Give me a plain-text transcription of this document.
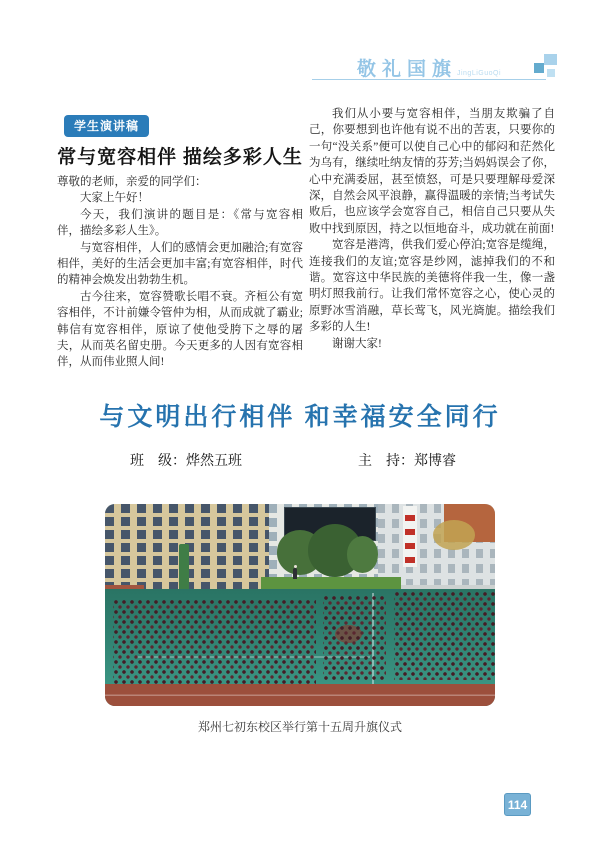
敬礼国旗JingLiGuoQi
学生演讲稿
常与宽容相伴 描绘多彩人生

尊敬的老师，亲爱的同学们：

大家上午好！

今天，我们演讲的题目是：《常与宽容相伴，描绘多彩人生》。

与宽容相伴，人们的感情会更加融洽;有宽容相伴，美好的生活会更加丰富;有宽容相伴，时代的精神会焕发出勃勃生机。

古今往来，宽容赞歌长唱不衰。齐桓公有宽容相伴，不计前嫌令管仲为相，从而成就了霸业;韩信有宽容相伴，原谅了使他受胯下之辱的屠夫，从而英名留史册。今天更多的人因有宽容相伴，从而伟业照人间!

我们从小要与宽容相伴，当朋友欺骗了自己，你要想到也许他有说不出的苦衷，只要你的一句“没关系”便可以使自己心中的郁闷和茫然化为乌有，继续吐纳友情的芬芳;当妈妈误会了你，心中充满委屈，甚至愤怒，可是只要理解母爱深深，自然会风平浪静，赢得温暖的亲情;当考试失败后，也应该学会宽容自己，相信自己只要从失败中找到原因，持之以恒地奋斗，成功就在前面!

宽容是港湾，供我们爱心停泊;宽容是缆绳，连接我们的友谊;宽容是纱网，滤掉我们的不和谐。宽容这中华民族的美德将伴我一生，像一盏明灯照我前行。让我们常怀宽容之心，使心灵的原野冰雪消融，草长莺飞，风光旖旎。描绘我们多彩的人生!

谢谢大家!

与文明出行相伴 和幸福安全同行
班　级：烨然五班	主　持：郑博睿
郑州七初东校区举行第十五周升旗仪式
114
